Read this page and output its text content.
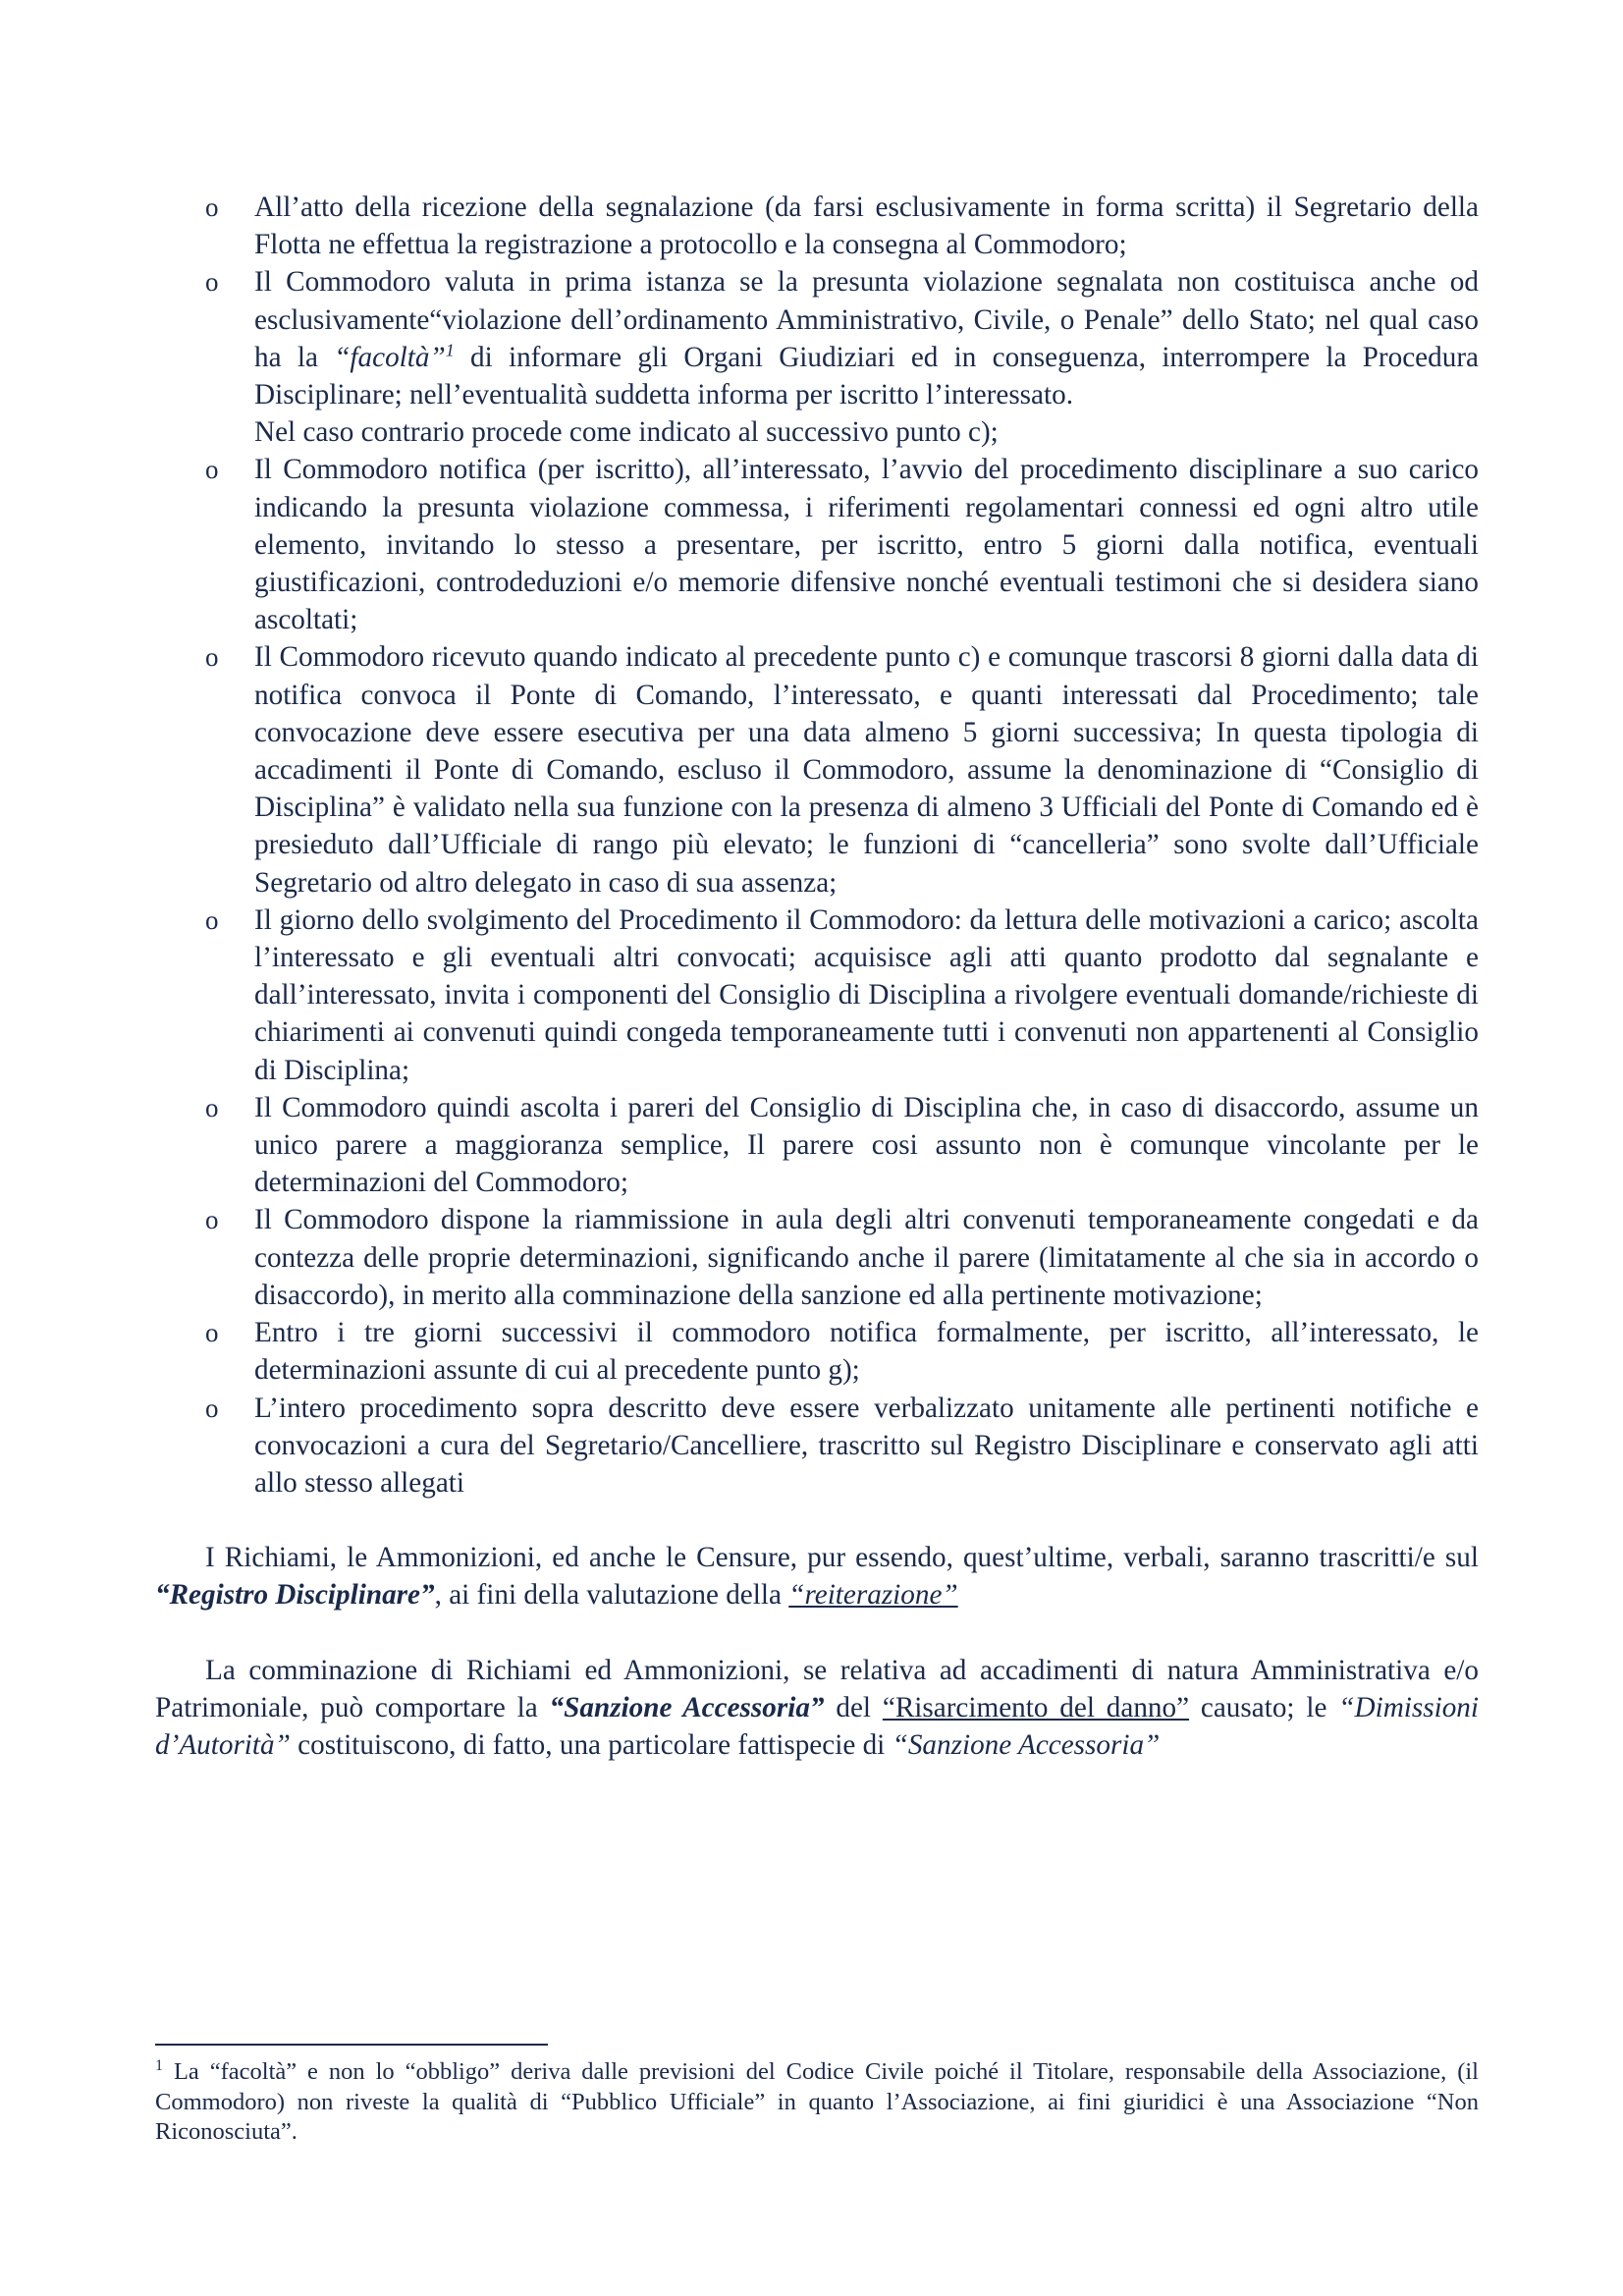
o All’atto della ricezione della segnalazione (da farsi esclusivamente in forma scritta) il Segretario della Flotta ne effettua la registrazione a protocollo e la consegna al Commodoro;
o Il Commodoro valuta in prima istanza se la presunta violazione segnalata non costituisca anche od esclusivamente“violazione dell’ordinamento Amministrativo, Civile, o Penale” dello Stato; nel qual caso ha la “facoltà”$^1$ di informare gli Organi Giudiziari ed in conseguenza, interrompere la Procedura Disciplinare; nell’eventualità suddetta informa per iscritto l’interessato.
Nel caso contrario procede come indicato al successivo punto c);
o Il Commodoro notifica (per iscritto), all’interessato, l’avvio del procedimento disciplinare a suo carico indicando la presunta violazione commessa, i riferimenti regolamentari connessi ed ogni altro utile elemento, invitando lo stesso a presentare, per iscritto, entro 5 giorni dalla notifica, eventuali giustificazioni, controdeduzioni e/o memorie difensive nonché eventuali testimoni che si desidera siano ascoltati;
o Il Commodoro ricevuto quando indicato al precedente punto c) e comunque trascorsi 8 giorni dalla data di notifica convoca il Ponte di Comando, l’interessato, e quanti interessati dal Procedimento; tale convocazione deve essere esecutiva per una data almeno 5 giorni successiva; In questa tipologia di accadimenti il Ponte di Comando, escluso il Commodoro, assume la denominazione di “Consiglio di Disciplina” è validato nella sua funzione con la presenza di almeno 3 Ufficiali del Ponte di Comando ed è presieduto dall’Ufficiale di rango più elevato; le funzioni di “cancelleria” sono svolte dall’Ufficiale Segretario od altro delegato in caso di sua assenza;
o Il giorno dello svolgimento del Procedimento il Commodoro: da lettura delle motivazioni a carico; ascolta l’interessato e gli eventuali altri convocati; acquisisce agli atti quanto prodotto dal segnalante e dall’interessato, invita i componenti del Consiglio di Disciplina a rivolgere eventuali domande/richieste di chiarimenti ai convenuti quindi congeda temporaneamente tutti i convenuti non appartenenti al Consiglio di Disciplina;
o Il Commodoro quindi ascolta i pareri del Consiglio di Disciplina che, in caso di disaccordo, assume un unico parere a maggioranza semplice, Il parere cosi assunto non è comunque vincolante per le determinazioni del Commodoro;
o Il Commodoro dispone la riammissione in aula degli altri convenuti temporaneamente congedati e da contezza delle proprie determinazioni, significando anche il parere (limitatamente al che sia in accordo o disaccordo), in merito alla comminazione della sanzione ed alla pertinente motivazione;
o Entro i tre giorni successivi il commodoro notifica formalmente, per iscritto, all’interessato, le determinazioni assunte di cui al precedente punto g);
o L’intero procedimento sopra descritto deve essere verbalizzato unitamente alle pertinenti notifiche e convocazioni a cura del Segretario/Cancelliere, trascritto sul Registro Disciplinare e conservato agli atti allo stesso allegati

I Richiami, le Ammonizioni, ed anche le Censure, pur essendo, quest’ultime, verbali, saranno trascritti/e sul “Registro Disciplinare”, ai fini della valutazione della “reiterazione”

La comminazione di Richiami ed Ammonizioni, se relativa ad accadimenti di natura Amministrativa e/o Patrimoniale, può comportare la “Sanzione Accessoria” del “Risarcimento del danno” causato; le “Dimissioni d’Autorità” costituiscono, di fatto, una particolare fattispecie di “Sanzione Accessoria”

$^1$ La “facoltà” e non lo “obbligo” deriva dalle previsioni del Codice Civile poiché il Titolare, responsabile della Associazione, (il Commodoro) non riveste la qualità di “Pubblico Ufficiale” in quanto l’Associazione, ai fini giuridici è una Associazione “Non Riconosciuta”.
